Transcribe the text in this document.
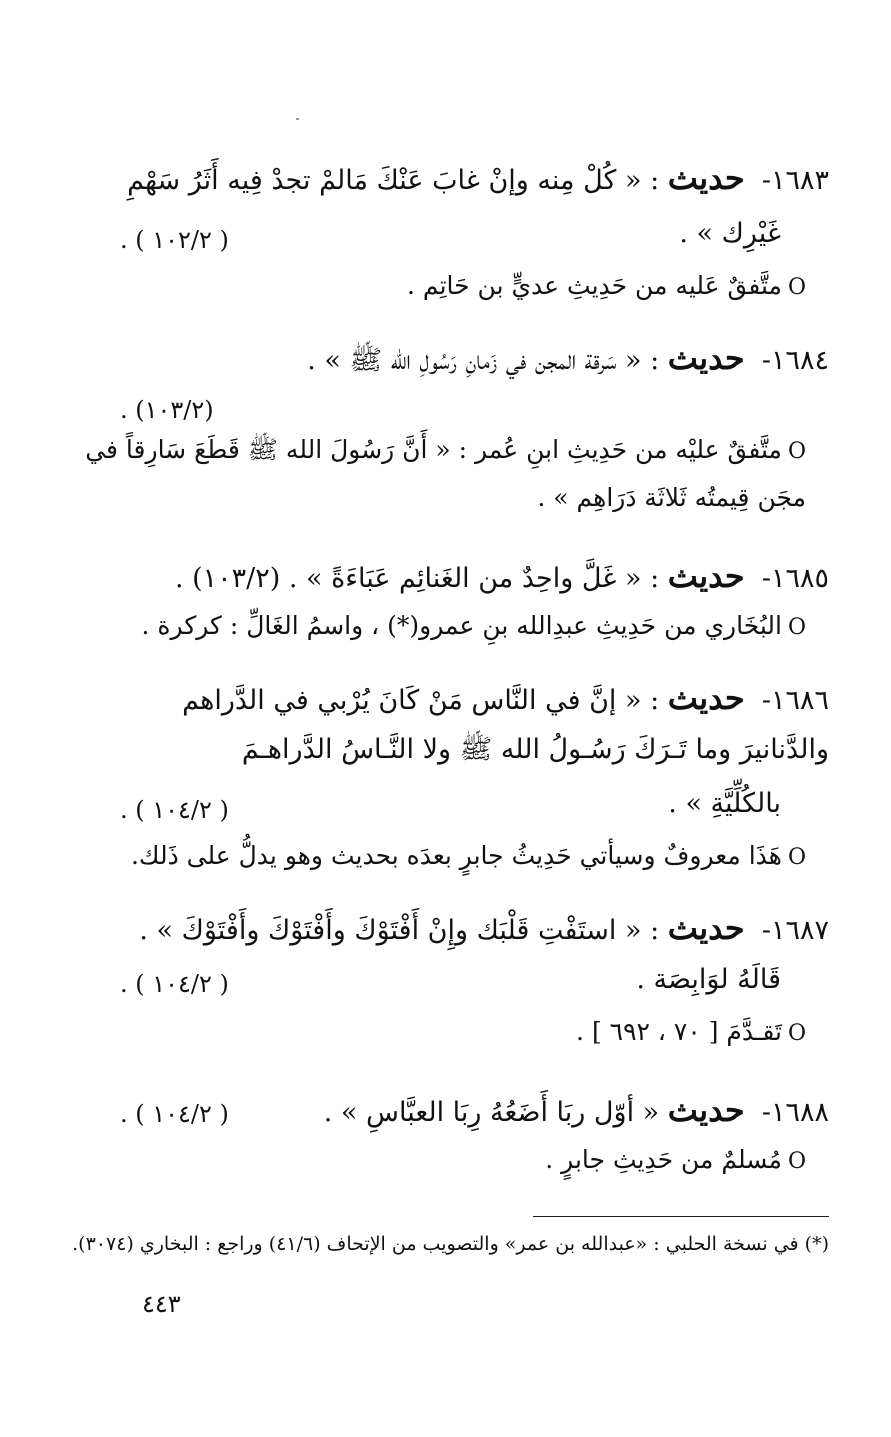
١٦٨٣-  حديث : « كُلْ مِنه وإنْ غابَ عَنْكَ مَالمْ تجدْ فِيه أَثَرُ سَهْمِ
غَيْرِك » .
( ١٠٢/٢ ) .
Oمتَّفقٌ عَليه من حَدِيثِ عديٍّ بن حَاتِم .
١٦٨٤-  حديث : « سَرقة المجن في زَمانِ رَسُولِ الله ﷺ » .
(١٠٣/٢) .
Oمتَّفقٌ عليْه من حَدِيثِ ابنِ عُمر : « أَنَّ رَسُولَ الله ﷺ قَطَعَ سَارِقاً في
مجَن قِيمتُه ثَلاثَة دَرَاهِم » .
١٦٨٥-  حديث : « غَلَّ واحِدٌ من الغَنائِم عَبَاءَةً » . (١٠٣/٢) .
Oالبُخَاري من حَدِيثِ عبدِالله بنِ عمرو(*) ، واسمُ الغَالِّ : كركرة .
١٦٨٦-  حديث : « إنَّ في النَّاس مَنْ كَانَ يُرْبي في الدَّراهم
والدَّنانيرَ وما تَـرَكَ رَسُـولُ الله ﷺ ولا النَّـاسُ الدَّراهـمَ
بالكُلِّيَّةِ » .
( ١٠٤/٢ ) .
Oهَذَا معروفٌ وسيأتي حَدِيثُ جابرٍ بعدَه بحديث وهو يدلُّ على ذَلك.
١٦٨٧-  حديث : « استَفْتِ قَلْبَك وإِنْ أَفْتَوْكَ وأَفْتَوْكَ وأَفْتَوْكَ » .
قَالَهُ لوَابِصَة .
( ١٠٤/٢ ) .
Oتَقـدَّمَ [ ٧٠ ، ٦٩٢ ] .
١٦٨٨-  حديث « أوّل ربَا أَضَعُهُ رِبَا العبَّاسِ » .
( ١٠٤/٢ ) .
Oمُسلمٌ من حَدِيثِ جابرٍ .
(*) في نسخة الحلبي : «عبدالله بن عمر» والتصويب من الإتحاف (٤١/٦) وراجع : البخاري (٣٠٧٤).
٤٤٣
